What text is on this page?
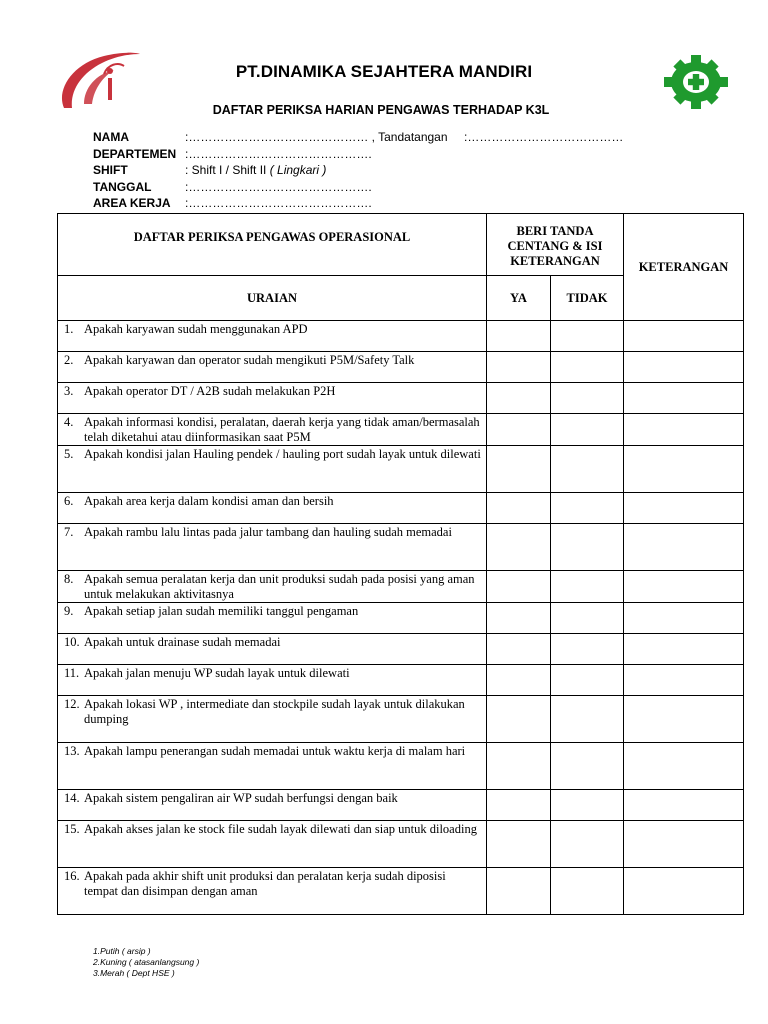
PT.DINAMIKA SEJAHTERA MANDIRI
DAFTAR PERIKSA HARIAN PENGAWAS TERHADAP K3L
NAMA	:……………………………………… , Tandatangan :…………………………………
DEPARTEMEN :……………………………………….
SHIFT	: Shift I / Shift II ( Lingkari )
TANGGAL	:……………………………………….
AREA KERJA :……………………………………….
DAFTAR PERIKSA PENGAWAS OPERASIONAL	BERI TANDA CENTANG & ISI KETERANGAN		KETERANGAN
URAIAN	YA	TIDAK	

1. Apakah karyawan sudah menggunakan APD			

2. Apakah karyawan dan operator sudah mengikuti P5M/Safety Talk			

3. Apakah operator DT / A2B sudah melakukan P2H			

4. Apakah informasi kondisi, peralatan, daerah kerja yang tidak aman/bermasalah telah diketahui atau diinformasikan saat P5M			

5. Apakah kondisi jalan Hauling pendek / hauling port sudah layak untuk dilewati			

6. Apakah area kerja dalam kondisi aman dan bersih			

7. Apakah rambu lalu lintas pada jalur tambang dan hauling sudah memadai			

8. Apakah semua peralatan kerja dan unit produksi sudah pada posisi yang aman untuk melakukan aktivitasnya			

9. Apakah setiap jalan sudah memiliki tanggul pengaman			

10. Apakah untuk drainase sudah memadai			

11. Apakah jalan menuju WP sudah layak untuk dilewati			

12. Apakah lokasi WP , intermediate dan stockpile sudah layak untuk dilakukan dumping			

13. Apakah lampu penerangan sudah memadai untuk waktu kerja di malam hari			

14. Apakah sistem pengaliran air WP sudah berfungsi dengan baik			

15. Apakah akses jalan ke stock file sudah layak dilewati dan siap untuk diloading			

16. Apakah pada akhir shift unit produksi dan peralatan kerja sudah diposisi tempat dan disimpan dengan aman			

1.Putih ( arsip )
2.Kuning ( atasanlangsung )
3.Merah ( Dept HSE )
